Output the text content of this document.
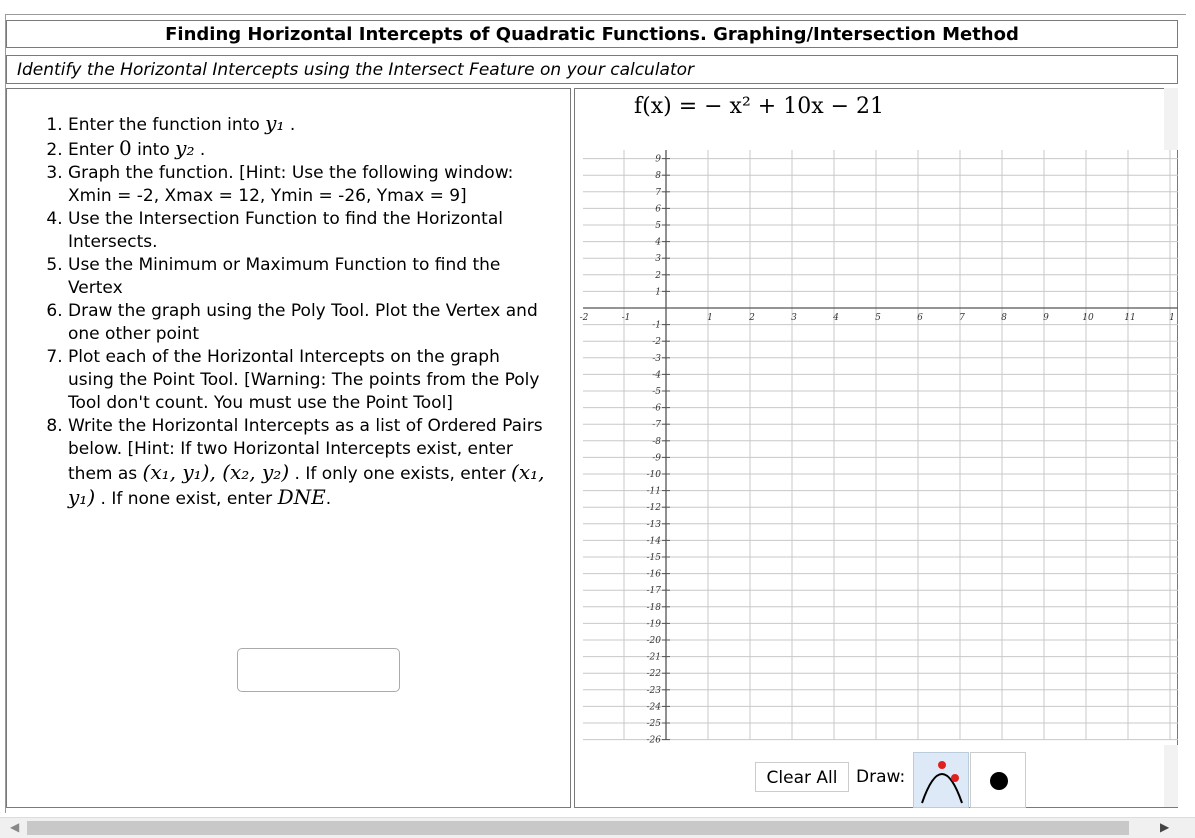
Finding Horizontal Intercepts of Quadratic Functions. Graphing/Intersection Method
Identify the Horizontal Intercepts using the Intersect Feature on your calculator
1. Enter the function into y₁ .
2. Enter 0 into y₂ .
3. Graph the function. [Hint: Use the following window: Xmin = -2, Xmax = 12, Ymin = -26, Ymax = 9]
4. Use the Intersection Function to find the Horizontal Intersects.
5. Use the Minimum or Maximum Function to find the Vertex
6. Draw the graph using the Poly Tool. Plot the Vertex and one other point
7. Plot each of the Horizontal Intercepts on the graph using the Point Tool. [Warning: The points from the Poly Tool don't count. You must use the Point Tool]
8. Write the Horizontal Intercepts as a list of Ordered Pairs below. [Hint: If two Horizontal Intercepts exist, enter them as (x₁, y₁), (x₂, y₂) . If only one exists, enter (x₁, y₁) . If none exist, enter DNE.
f(x) = − x² + 10x − 21
-2	-1	1	2	3	4	5	6	7	8	9	10	11	1
9
8
7
6
5
4
3
2
1
-1
-2
-3
-4
-5
-6
-7
-8
-9
-10
-11
-12
-13
-14
-15
-16
-17
-18
-19
-20
-21
-22
-23
-24
-25
-26
Clear All	Draw:
◀	▶
